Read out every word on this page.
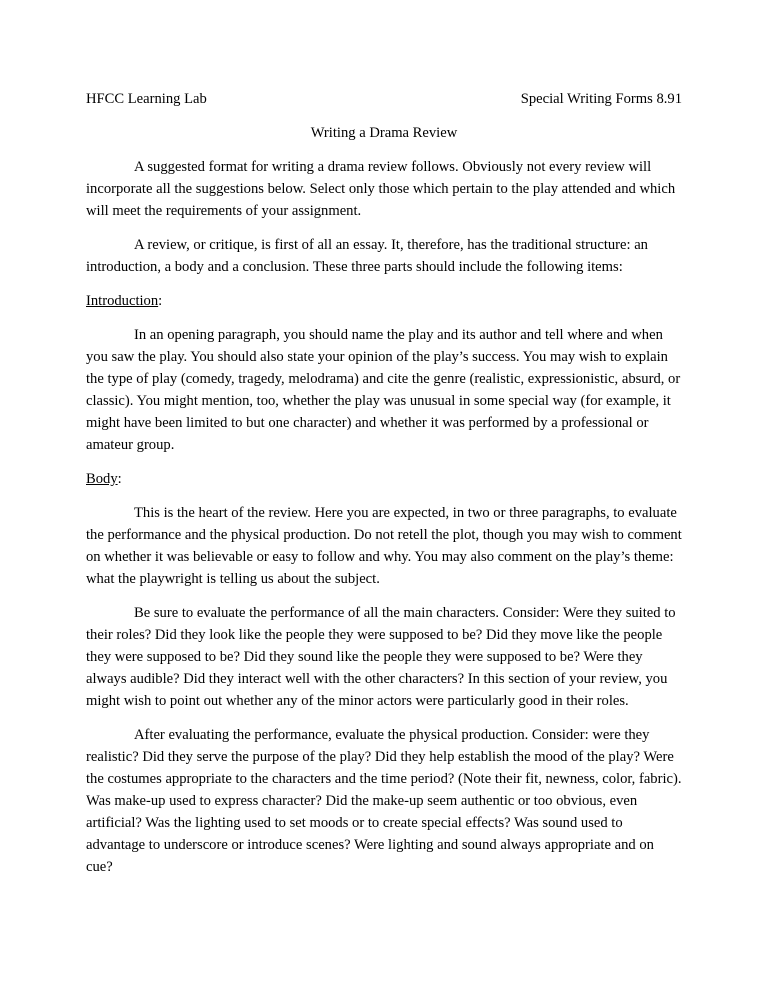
HFCC Learning Lab	Special Writing Forms 8.91
Writing a Drama Review

A suggested format for writing a drama review follows. Obviously not every review will incorporate all the suggestions below. Select only those which pertain to the play attended and which will meet the requirements of your assignment.

A review, or critique, is first of all an essay. It, therefore, has the traditional structure: an introduction, a body and a conclusion. These three parts should include the following items:

Introduction:

In an opening paragraph, you should name the play and its author and tell where and when you saw the play. You should also state your opinion of the play’s success. You may wish to explain the type of play (comedy, tragedy, melodrama) and cite the genre (realistic, expressionistic, absurd, or classic). You might mention, too, whether the play was unusual in some special way (for example, it might have been limited to but one character) and whether it was performed by a professional or amateur group.

Body:

This is the heart of the review. Here you are expected, in two or three paragraphs, to evaluate the performance and the physical production. Do not retell the plot, though you may wish to comment on whether it was believable or easy to follow and why. You may also comment on the play’s theme: what the playwright is telling us about the subject.

Be sure to evaluate the performance of all the main characters. Consider: Were they suited to their roles? Did they look like the people they were supposed to be? Did they move like the people they were supposed to be? Did they sound like the people they were supposed to be? Were they always audible? Did they interact well with the other characters? In this section of your review, you might wish to point out whether any of the minor actors were particularly good in their roles.

After evaluating the performance, evaluate the physical production. Consider: were they realistic? Did they serve the purpose of the play? Did they help establish the mood of the play? Were the costumes appropriate to the characters and the time period? (Note their fit, newness, color, fabric). Was make-up used to express character? Did the make-up seem authentic or too obvious, even artificial? Was the lighting used to set moods or to create special effects? Was sound used to advantage to underscore or introduce scenes? Were lighting and sound always appropriate and on cue?
